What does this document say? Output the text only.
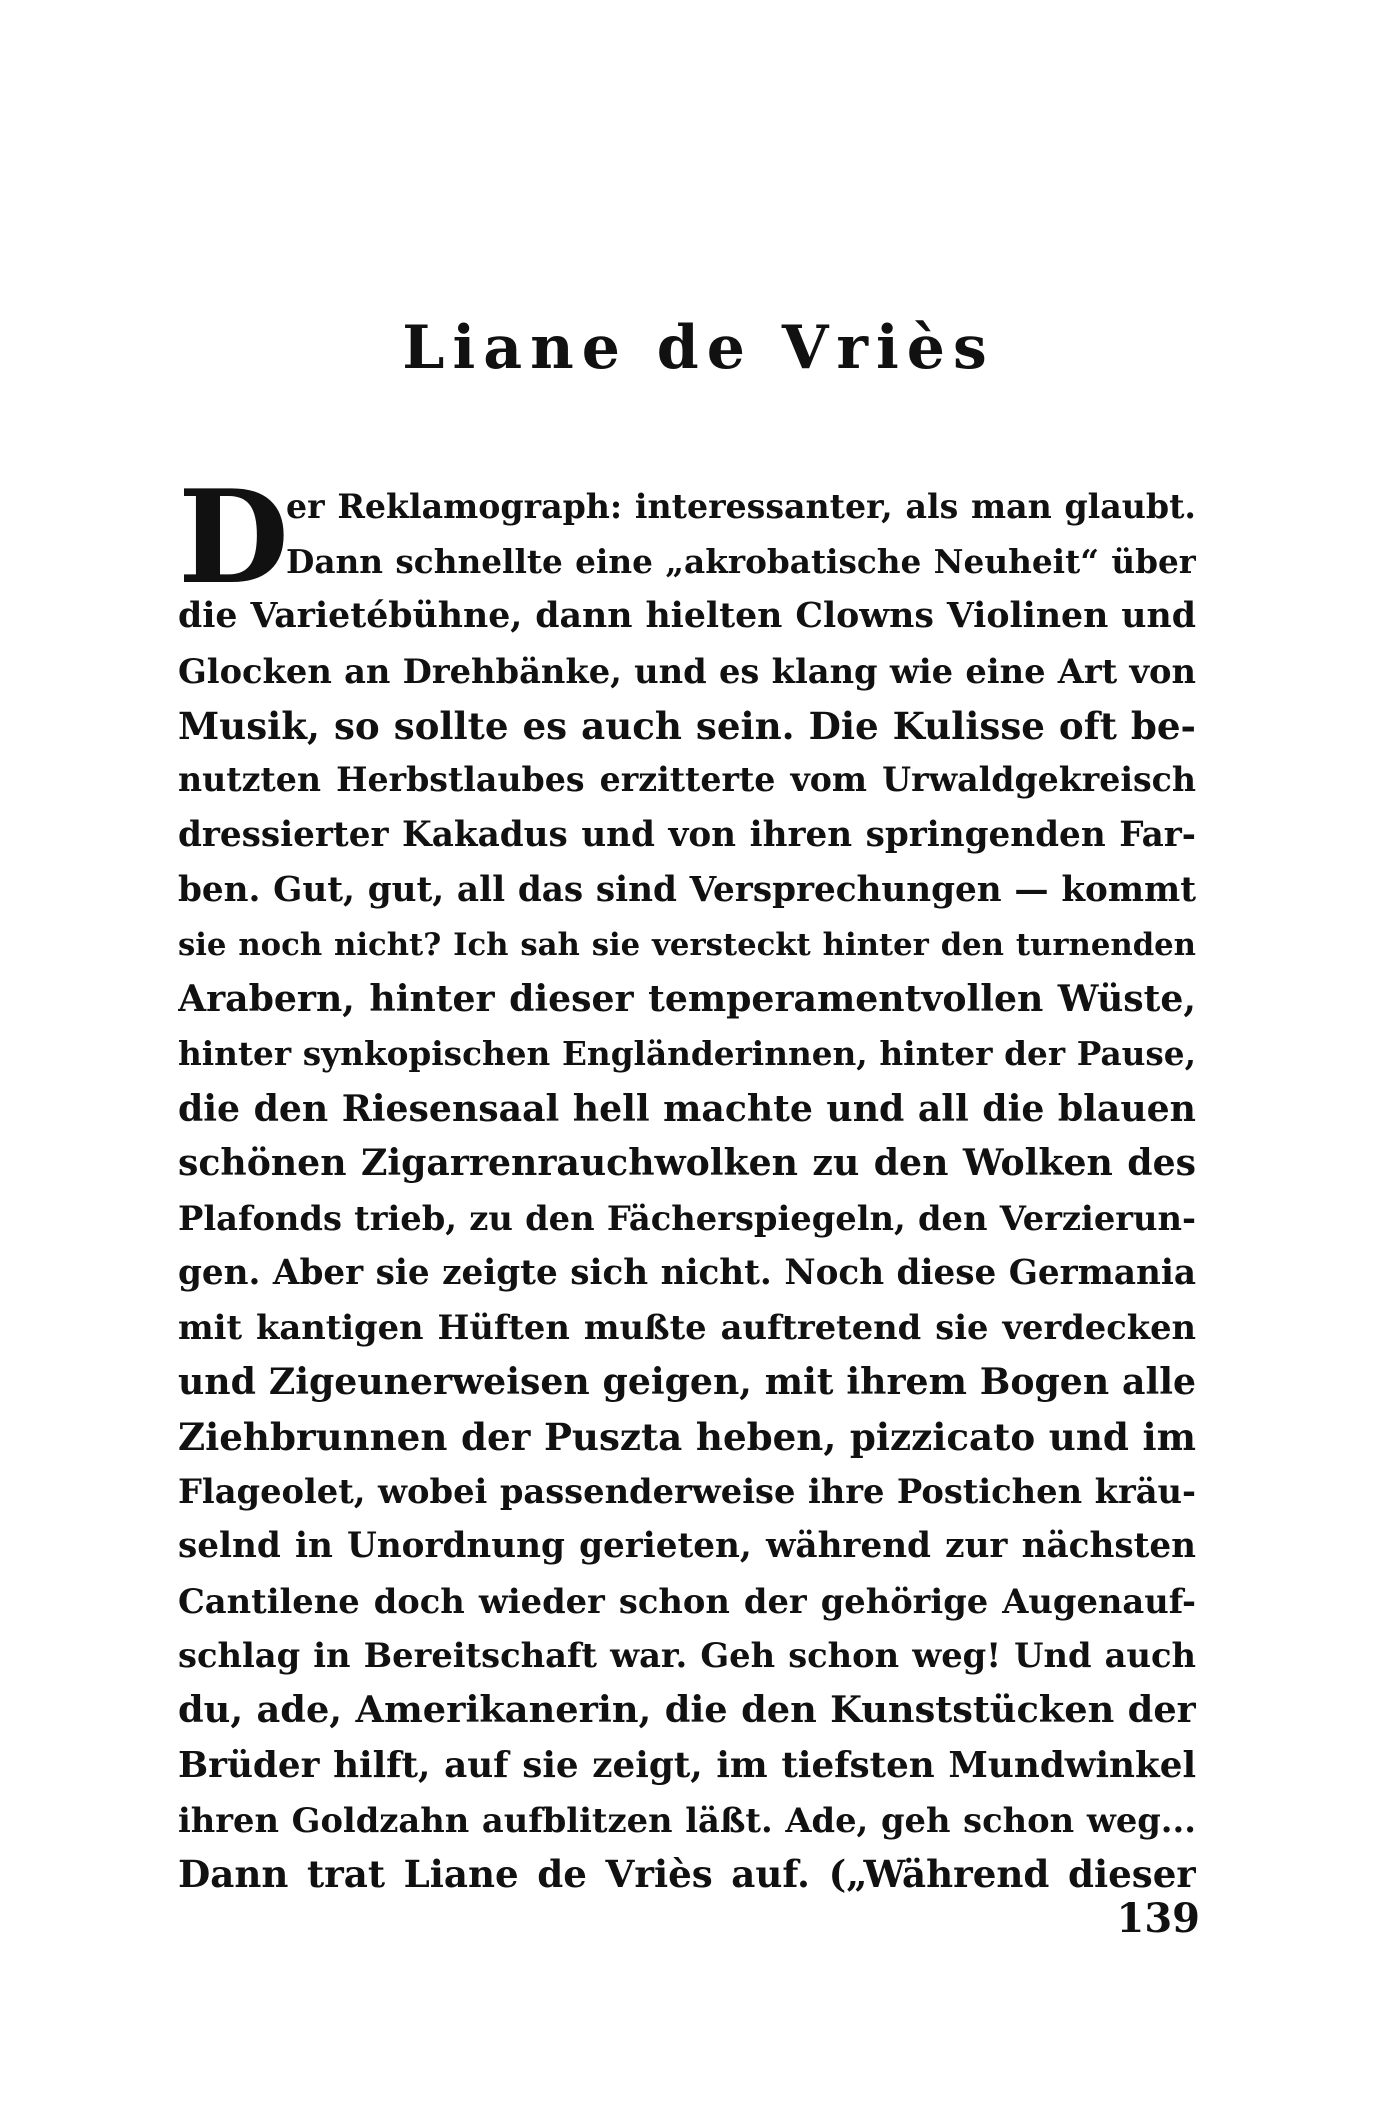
Liane de Vriès
D
er Reklamograph: interessanter, als man glaubt.
Dann schnellte eine „akrobatische Neuheit“ über
die Varietébühne, dann hielten Clowns Violinen und
Glocken an Drehbänke, und es klang wie eine Art von
Musik, so sollte es auch sein. Die Kulisse oft be-
nutzten Herbstlaubes erzitterte vom Urwaldgekreisch
dressierter Kakadus und von ihren springenden Far-
ben. Gut, gut, all das sind Versprechungen — kommt
sie noch nicht? Ich sah sie versteckt hinter den turnenden
Arabern, hinter dieser temperamentvollen Wüste,
hinter synkopischen Engländerinnen, hinter der Pause,
die den Riesensaal hell machte und all die blauen
schönen Zigarrenrauchwolken zu den Wolken des
Plafonds trieb, zu den Fächerspiegeln, den Verzierun-
gen. Aber sie zeigte sich nicht. Noch diese Germania
mit kantigen Hüften mußte auftretend sie verdecken
und Zigeunerweisen geigen, mit ihrem Bogen alle
Ziehbrunnen der Puszta heben, pizzicato und im
Flageolet, wobei passenderweise ihre Postichen kräu-
selnd in Unordnung gerieten, während zur nächsten
Cantilene doch wieder schon der gehörige Augenauf-
schlag in Bereitschaft war. Geh schon weg! Und auch
du, ade, Amerikanerin, die den Kunststücken der
Brüder hilft, auf sie zeigt, im tiefsten Mundwinkel
ihren Goldzahn aufblitzen läßt. Ade, geh schon weg...
Dann trat Liane de Vriès auf. („Während dieser
139
